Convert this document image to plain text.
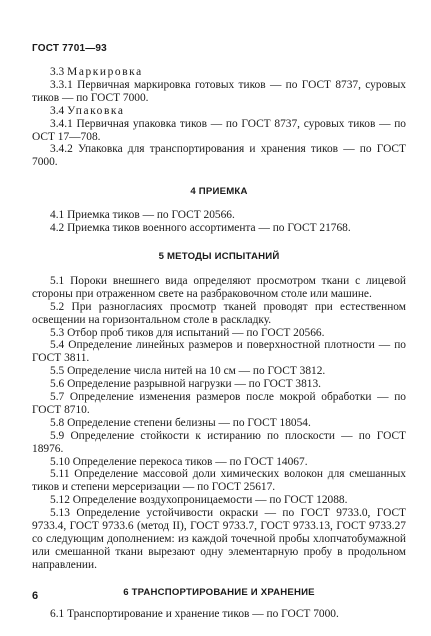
ГОСТ 7701—93

3.3 Маркировка

3.3.1 Первичная маркировка готовых тиков — по ГОСТ 8737, суровых тиков — по ГОСТ 7000.

3.4 Упаковка

3.4.1 Первичная упаковка тиков — по ГОСТ 8737, суровых тиков — по ОСТ 17—708.

3.4.2 Упаковка для транспортирования и хранения тиков — по ГОСТ 7000.

4 ПРИЕМКА

4.1 Приемка тиков — по ГОСТ 20566.

4.2 Приемка тиков военного ассортимента — по ГОСТ 21768.

5 МЕТОДЫ ИСПЫТАНИЙ

5.1 Пороки внешнего вида определяют просмотром ткани с лицевой стороны при отраженном свете на разбраковочном столе или машине.

5.2 При разногласиях просмотр тканей проводят при естественном освещении на горизонтальном столе в раскладку.

5.3 Отбор проб тиков для испытаний — по ГОСТ 20566.

5.4 Определение линейных размеров и поверхностной плотности — по ГОСТ 3811.

5.5 Определение числа нитей на 10 см — по ГОСТ 3812.

5.6 Определение разрывной нагрузки — по ГОСТ 3813.

5.7 Определение изменения размеров после мокрой обработки — по ГОСТ 8710.

5.8 Определение степени белизны — по ГОСТ 18054.

5.9 Определение стойкости к истиранию по плоскости — по ГОСТ 18976.

5.10 Определение перекоса тиков — по ГОСТ 14067.

5.11 Определение массовой доли химических волокон для смешанных тиков и степени мерсеризации — по ГОСТ 25617.

5.12 Определение воздухопроницаемости — по ГОСТ 12088.

5.13 Определение устойчивости окраски — по ГОСТ 9733.0, ГОСТ 9733.4, ГОСТ 9733.6 (метод II), ГОСТ 9733.7, ГОСТ 9733.13, ГОСТ 9733.27 со следующим дополнением: из каждой точечной пробы хлопчатобумажной или смешанной ткани вырезают одну элементарную пробу в продольном направлении.

6 ТРАНСПОРТИРОВАНИЕ И ХРАНЕНИЕ

6.1 Транспортирование и хранение тиков — по ГОСТ 7000.

6
